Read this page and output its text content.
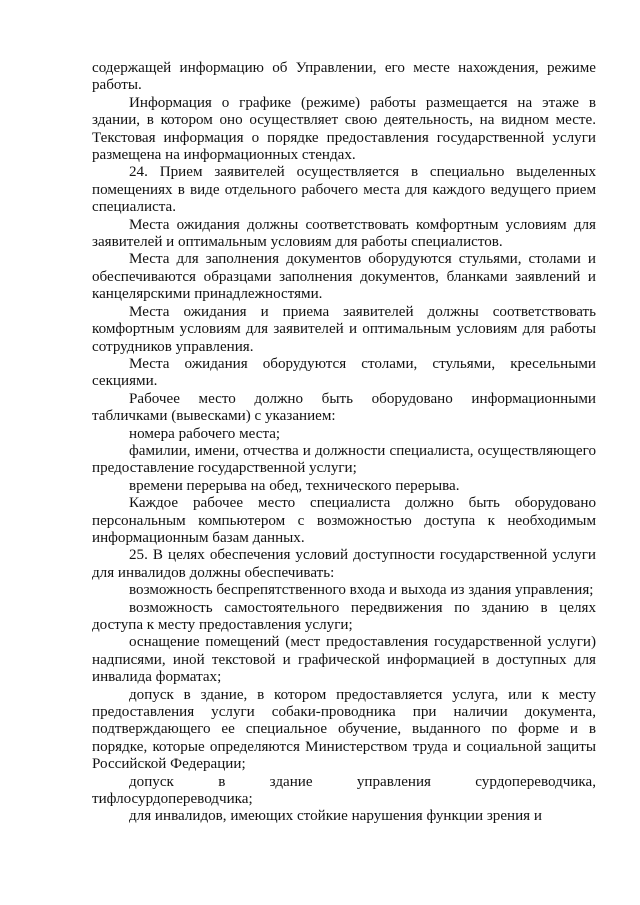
содержащей информацию об Управлении, его месте нахождения, режиме работы.

Информация о графике (режиме) работы размещается на этаже в здании, в котором оно осуществляет свою деятельность, на видном месте. Текстовая информация о порядке предоставления государственной услуги размещена на информационных стендах.

24. Прием заявителей осуществляется в специально выделенных помещениях в виде отдельного рабочего места для каждого ведущего прием специалиста.

Места ожидания должны соответствовать комфортным условиям для заявителей и оптимальным условиям для работы специалистов.

Места для заполнения документов оборудуются стульями, столами и обеспечиваются образцами заполнения документов, бланками заявлений и канцелярскими принадлежностями.

Места ожидания и приема заявителей должны соответствовать комфортным условиям для заявителей и оптимальным условиям для работы сотрудников управления.

Места ожидания оборудуются столами, стульями, кресельными секциями.

Рабочее место должно быть оборудовано информационными табличками (вывесками) с указанием:

номера рабочего места;

фамилии, имени, отчества и должности специалиста, осуществляющего предоставление государственной услуги;

времени перерыва на обед, технического перерыва.

Каждое рабочее место специалиста должно быть оборудовано персональным компьютером с возможностью доступа к необходимым информационным базам данных.

25. В целях обеспечения условий доступности государственной услуги для инвалидов должны обеспечивать:

возможность беспрепятственного входа и выхода из здания управления;

возможность самостоятельного передвижения по зданию в целях доступа к месту предоставления услуги;

оснащение помещений (мест предоставления государственной услуги) надписями, иной текстовой и графической информацией в доступных для инвалида форматах;

допуск в здание, в котором предоставляется услуга, или к месту предоставления услуги собаки-проводника при наличии документа, подтверждающего ее специальное обучение, выданного по форме и в порядке, которые определяются Министерством труда и социальной защиты Российской Федерации;

допуск в здание управления сурдопереводчика, тифлосурдопереводчика;

для инвалидов, имеющих стойкие нарушения функции зрения и
